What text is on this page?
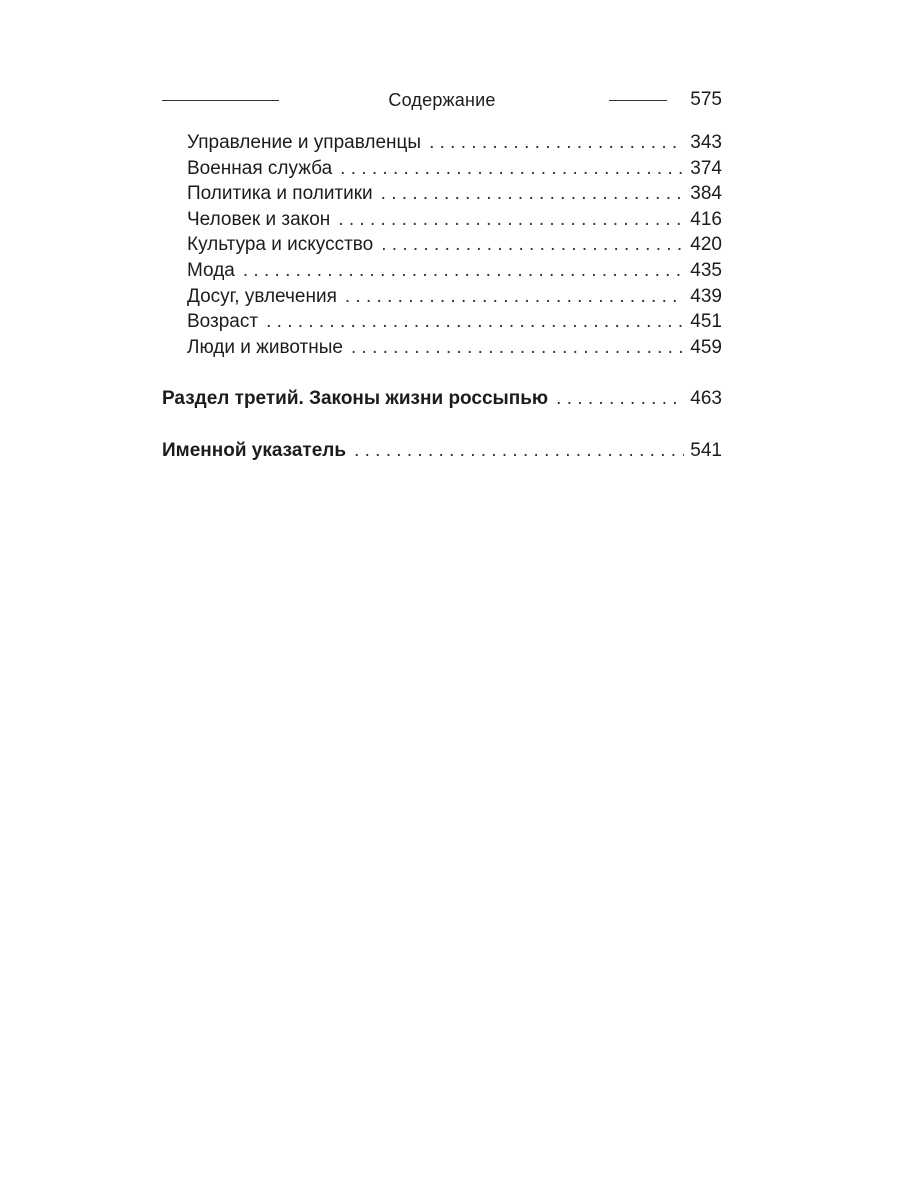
Содержание	575
Управление и управленцы . . .	343
Военная служба . . .	374
Политика и политики . . .	384
Человек и закон . . .	416
Культура и искусство . . .	420
Мода . . .	435
Досуг, увлечения . . .	439
Возраст . . .	451
Люди и животные . . .	459
Раздел третий. Законы жизни россыпью . . .	463
Именной указатель . . .	541
